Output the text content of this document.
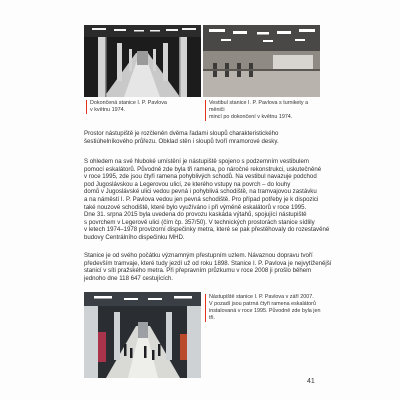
Dokončená stanice I. P. Pavlova
v květnu 1974.
Vestibul stanice I. P. Pavlova s turnikety a měniči
mincí po dokončení v květnu 1974.
Prostor nástupiště je rozčleněn dvěma řadami sloupů charakteristického
šestiúhelníkového průřezu. Obklad stěn i sloupů tvoří mramorové desky.
S ohledem na své hluboké umístění je nástupiště spojeno s podzemním vestibulem
pomocí eskalátorů. Původně zde byla tři ramena, po náročné rekonstrukci, uskutečněné
v roce 1995, zde jsou čtyři ramena pohyblivých schodů. Na vestibul navazuje podchod
pod Jugoslávskou a Legerovou ulicí, ze kterého vstupy na povrch – do louhy
domů v Jugoslávské ulici vedou pevná i pohyblivá schodiště, na tramvajovou zastávku
a na náměstí I. P. Pavlova vedou jen pevná schodiště. Pro případ potřeby je k dispozici
také nouzové schodiště, které bylo využíváno i při výměně eskalátorů v roce 1995.
Dne 31. srpna 2015 byla uvedena do provozu kaskáda výtahů, spojující nástupiště
s povrchem v Legerově ulici (čím čp. 357/50). V technických prostorách stanice sídlily
v letech 1974–1978 provizorní dispečinky metra, které se pak přestěhovaly do rozestavěné
budovy Centrálního dispečinku MHD.
Stanice je od svého počátku významným přestupním uzlem. Návaznou dopravu tvoří
především tramvaje, které tudy jezdí už od roku 1898. Stanice I. P. Pavlova je nejvytíženější
stanicí v síti pražského metra. Při přepravním průzkumu v roce 2008 ji prošlo během
jednoho dne 118 647 cestujících.
Nástupiště stanice I. P. Pavlova v září 2007.
V pozadí jsou patrná čtyři ramena eskalátorů
instalovaná v roce 1995. Původně zde byla jen tři.
41
